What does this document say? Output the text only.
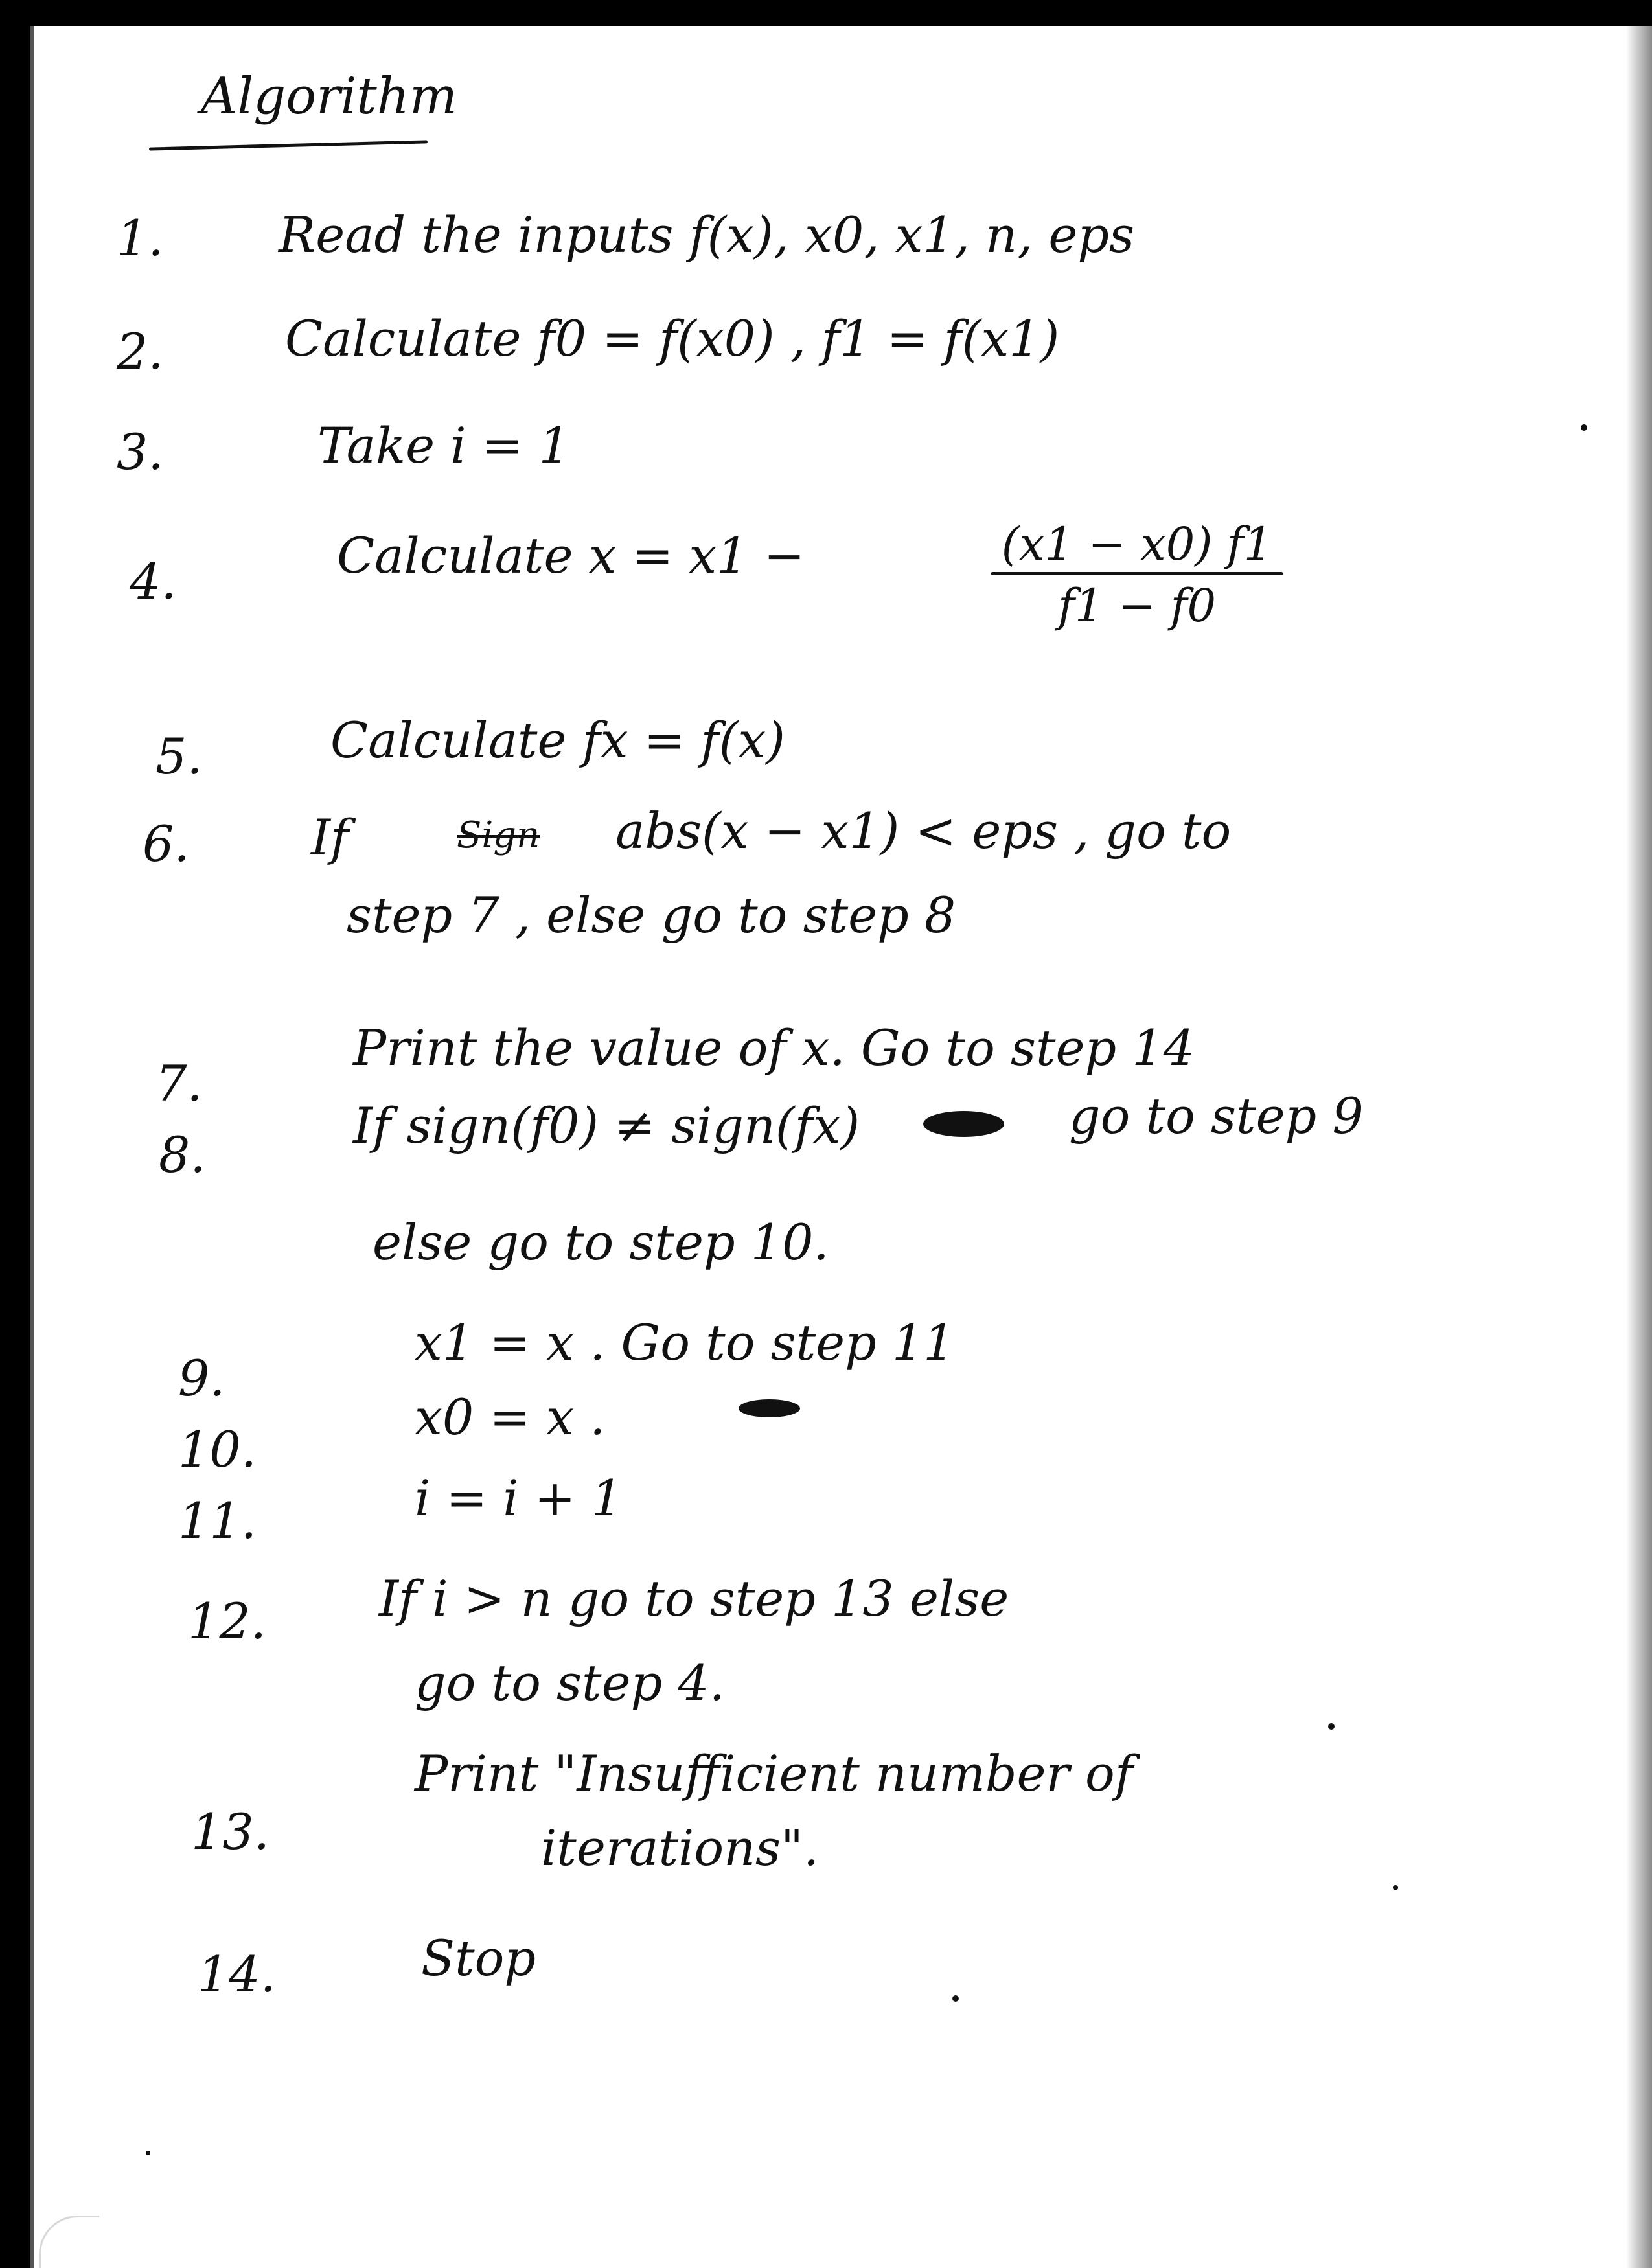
Algorithm
1. Read the inputs f(x), x0, x1, n, eps
2. Calculate f0 = f(x0) , f1 = f(x1)
3.	Take i = 1
4.	Calculate x = x1 −	(x1 − x0) f1
f1 − f0
5.	Calculate fx = f(x)
6. If	Sign abs(x − x1) < eps , go to
step 7 , else go to step 8
7.
Print the value of x. Go to step 14
8.
If sign(f0) ≠ sign(fx)	go to step 9
else go to step 10.
9.
x1 = x . Go to step 11
10.
x0 = x .
11.	i = i + 1
12. If i > n go to step 13 else
go to step 4.
13.
Print "Insufficient number of
iterations".
14.	Stop
